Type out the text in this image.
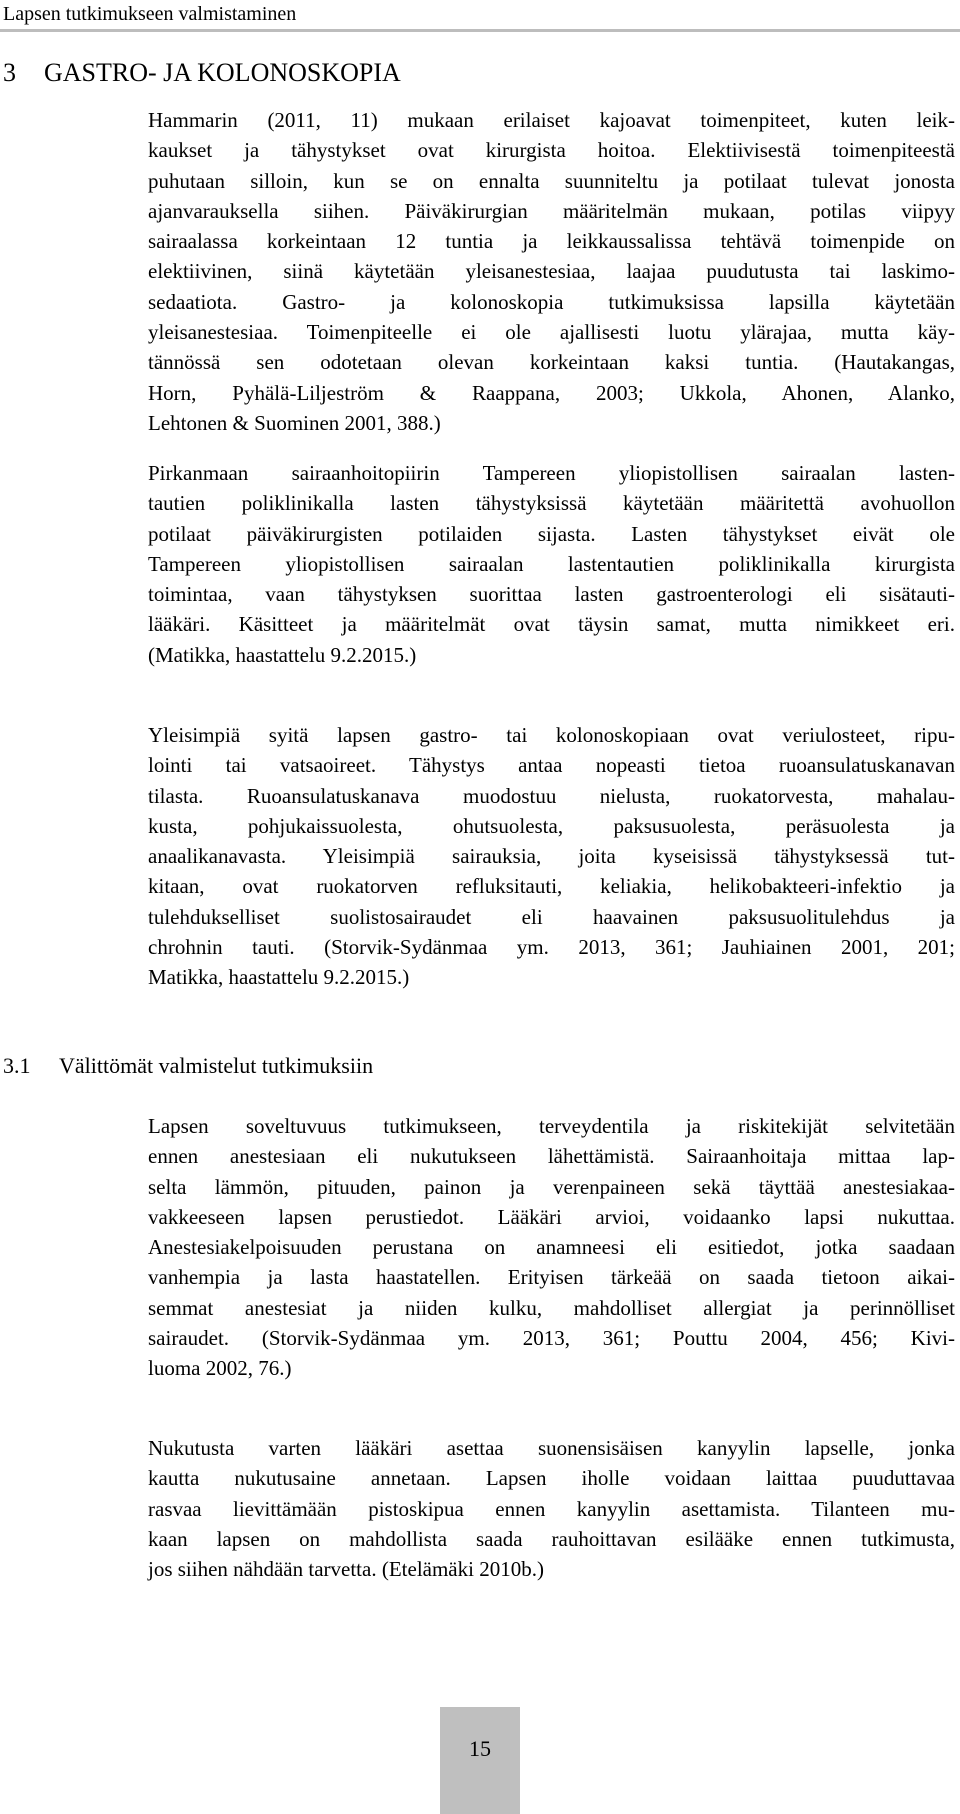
Lapsen tutkimukseen valmistaminen
3 GASTRO- JA KOLONOSKOPIA
Hammarin (2011, 11) mukaan erilaiset kajoavat toimenpiteet, kuten leik-
kaukset ja tähystykset ovat kirurgista hoitoa. Elektiivisestä toimenpiteestä
puhutaan silloin, kun se on ennalta suunniteltu ja potilaat tulevat jonosta
ajanvarauksella siihen. Päiväkirurgian määritelmän mukaan, potilas viipyy
sairaalassa korkeintaan 12 tuntia ja leikkaussalissa tehtävä toimenpide on
elektiivinen, siinä käytetään yleisanestesiaa, laajaa puudutusta tai laskimo-
sedaatiota. Gastro- ja kolonoskopia tutkimuksissa lapsilla käytetään
yleisanestesiaa. Toimenpiteelle ei ole ajallisesti luotu ylärajaa, mutta käy-
tännössä sen odotetaan olevan korkeintaan kaksi tuntia. (Hautakangas,
Horn, Pyhälä-Liljeström & Raappana, 2003; Ukkola, Ahonen, Alanko,
Lehtonen & Suominen 2001, 388.)
Pirkanmaan sairaanhoitopiirin Tampereen yliopistollisen sairaalan lasten-
tautien poliklinikalla lasten tähystyksissä käytetään määritettä avohuollon
potilaat päiväkirurgisten potilaiden sijasta. Lasten tähystykset eivät ole
Tampereen yliopistollisen sairaalan lastentautien poliklinikalla kirurgista
toimintaa, vaan tähystyksen suorittaa lasten gastroenterologi eli sisätauti-
lääkäri. Käsitteet ja määritelmät ovat täysin samat, mutta nimikkeet eri.
(Matikka, haastattelu 9.2.2015.)
Yleisimpiä syitä lapsen gastro- tai kolonoskopiaan ovat veriulosteet, ripu-
lointi tai vatsaoireet. Tähystys antaa nopeasti tietoa ruoansulatuskanavan
tilasta. Ruoansulatuskanava muodostuu nielusta, ruokatorvesta, mahalau-
kusta, pohjukaissuolesta, ohutsuolesta, paksusuolesta, peräsuolesta ja
anaalikanavasta. Yleisimpiä sairauksia, joita kyseisissä tähystyksessä tut-
kitaan, ovat ruokatorven refluksitauti, keliakia, helikobakteeri-infektio ja
tulehdukselliset suolistosairaudet eli haavainen paksusuolitulehdus ja
chrohnin tauti. (Storvik-Sydänmaa ym. 2013, 361; Jauhiainen 2001, 201;
Matikka, haastattelu 9.2.2015.)
3.1 Välittömät valmistelut tutkimuksiin
Lapsen soveltuvuus tutkimukseen, terveydentila ja riskitekijät selvitetään
ennen anestesiaan eli nukutukseen lähettämistä. Sairaanhoitaja mittaa lap-
selta lämmön, pituuden, painon ja verenpaineen sekä täyttää anestesiakaa-
vakkeeseen lapsen perustiedot. Lääkäri arvioi, voidaanko lapsi nukuttaa.
Anestesiakelpoisuuden perustana on anamneesi eli esitiedot, jotka saadaan
vanhempia ja lasta haastatellen. Erityisen tärkeää on saada tietoon aikai-
semmat anestesiat ja niiden kulku, mahdolliset allergiat ja perinnölliset
sairaudet. (Storvik-Sydänmaa ym. 2013, 361; Pouttu 2004, 456; Kivi-
luoma 2002, 76.)
Nukutusta varten lääkäri asettaa suonensisäisen kanyylin lapselle, jonka
kautta nukutusaine annetaan. Lapsen iholle voidaan laittaa puuduttavaa
rasvaa lievittämään pistoskipua ennen kanyylin asettamista. Tilanteen mu-
kaan lapsen on mahdollista saada rauhoittavan esilääke ennen tutkimusta,
jos siihen nähdään tarvetta. (Etelämäki 2010b.)
15
